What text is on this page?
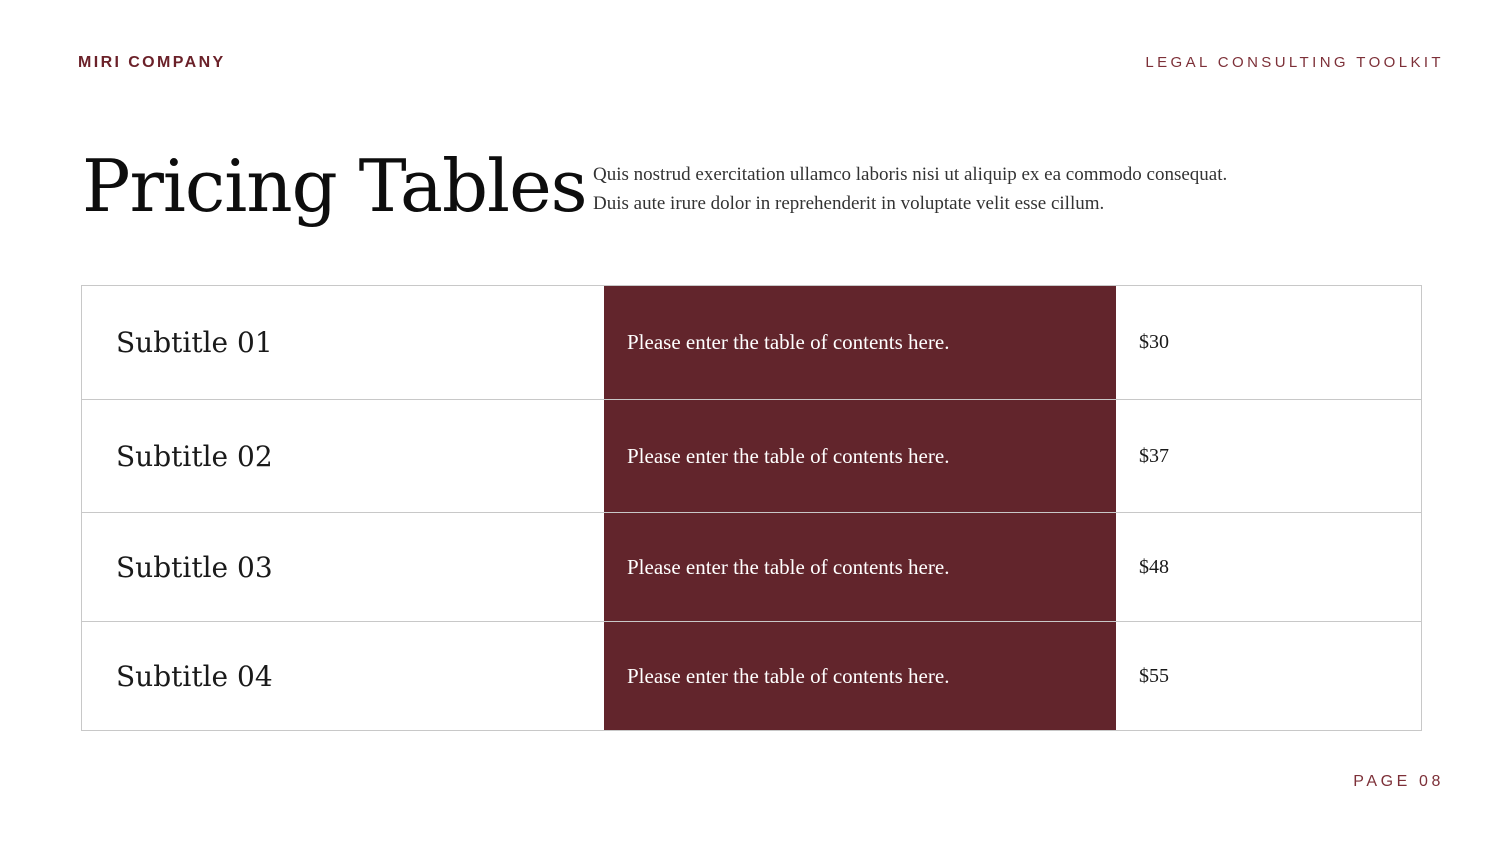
MIRI COMPANY	LEGAL CONSULTING TOOLKIT
Pricing Tables Quis nostrud exercitation ullamco laboris nisi ut aliquip ex ea commodo consequat.
Duis aute irure dolor in reprehenderit in voluptate velit esse cillum.
Subtitle 01	Please enter the table of contents here.	$30
Subtitle 02	Please enter the table of contents here.	$37
Subtitle 03	Please enter the table of contents here.	$48
Subtitle 04	Please enter the table of contents here.	$55
PAGE 08
